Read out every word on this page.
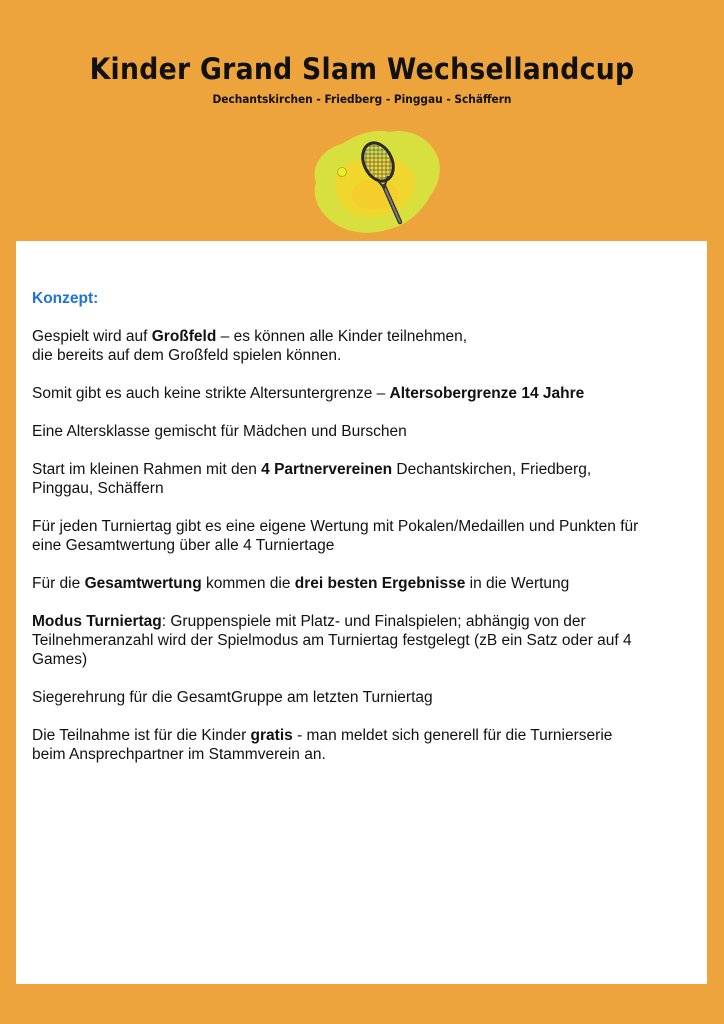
Kinder Grand Slam Wechsellandcup
Dechantskirchen - Friedberg - Pinggau - Schäffern
Konzept:
Gespielt wird auf Großfeld – es können alle Kinder teilnehmen,
die bereits auf dem Großfeld spielen können.
Somit gibt es auch keine strikte Altersuntergrenze – Altersobergrenze 14 Jahre
Eine Altersklasse gemischt für Mädchen und Burschen
Start im kleinen Rahmen mit den 4 Partnervereinen Dechantskirchen, Friedberg,
Pinggau, Schäffern
Für jeden Turniertag gibt es eine eigene Wertung mit Pokalen/Medaillen und Punkten für
eine Gesamtwertung über alle 4 Turniertage
Für die Gesamtwertung kommen die drei besten Ergebnisse in die Wertung
Modus Turniertag: Gruppenspiele mit Platz- und Finalspielen; abhängig von der
Teilnehmeranzahl wird der Spielmodus am Turniertag festgelegt (zB ein Satz oder auf 4
Games)
Siegerehrung für die GesamtGruppe am letzten Turniertag
Die Teilnahme ist für die Kinder gratis - man meldet sich generell für die Turnierserie
beim Ansprechpartner im Stammverein an.
